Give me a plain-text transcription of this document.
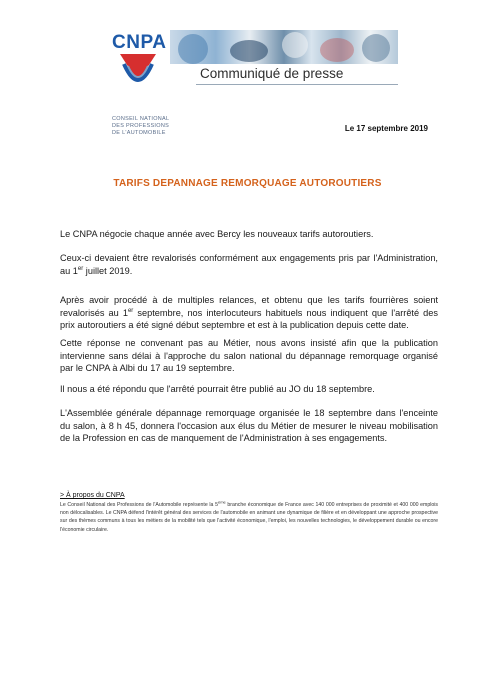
CNPA
CONSEIL NATIONAL
DES PROFESSIONS
DE L'AUTOMOBILE
Communiqué de presse
Le 17 septembre 2019
TARIFS DEPANNAGE REMORQUAGE AUTOROUTIERS

Le CNPA négocie chaque année avec Bercy les nouveaux tarifs autoroutiers.

Ceux-ci devaient être revalorisés conformément aux engagements pris par l'Administration, au 1er juillet 2019.

Après avoir procédé à de multiples relances, et obtenu que les tarifs fourrières soient revalorisés au 1er septembre, nos interlocuteurs habituels nous indiquent que l'arrêté des prix autoroutiers a été signé début septembre et est à la publication depuis cette date.

Cette réponse ne convenant pas au Métier, nous avons insisté afin que la publication intervienne sans délai à l'approche du salon national du dépannage remorquage organisé par le CNPA à Albi du 17 au 19 septembre.

Il nous a été répondu que l'arrêté pourrait être publié au JO du 18 septembre.

L'Assemblée générale dépannage remorquage organisée le 18 septembre dans l'enceinte du salon, à 8 h 45, donnera l'occasion aux élus du Métier de mesurer le niveau mobilisation de la Profession en cas de manquement de l'Administration à ses engagements.

> À propos du CNPA
Le Conseil National des Professions de l'Automobile représente la 5ème branche économique de France avec 140 000 entreprises de proximité et 400 000 emplois non délocalisables. Le CNPA défend l'intérêt général des services de l'automobile en animant une dynamique de filière et en développant une approche prospective sur des thèmes communs à tous les métiers de la mobilité tels que l'activité économique, l'emploi, les nouvelles technologies, le développement durable ou encore l'économie circulaire.
